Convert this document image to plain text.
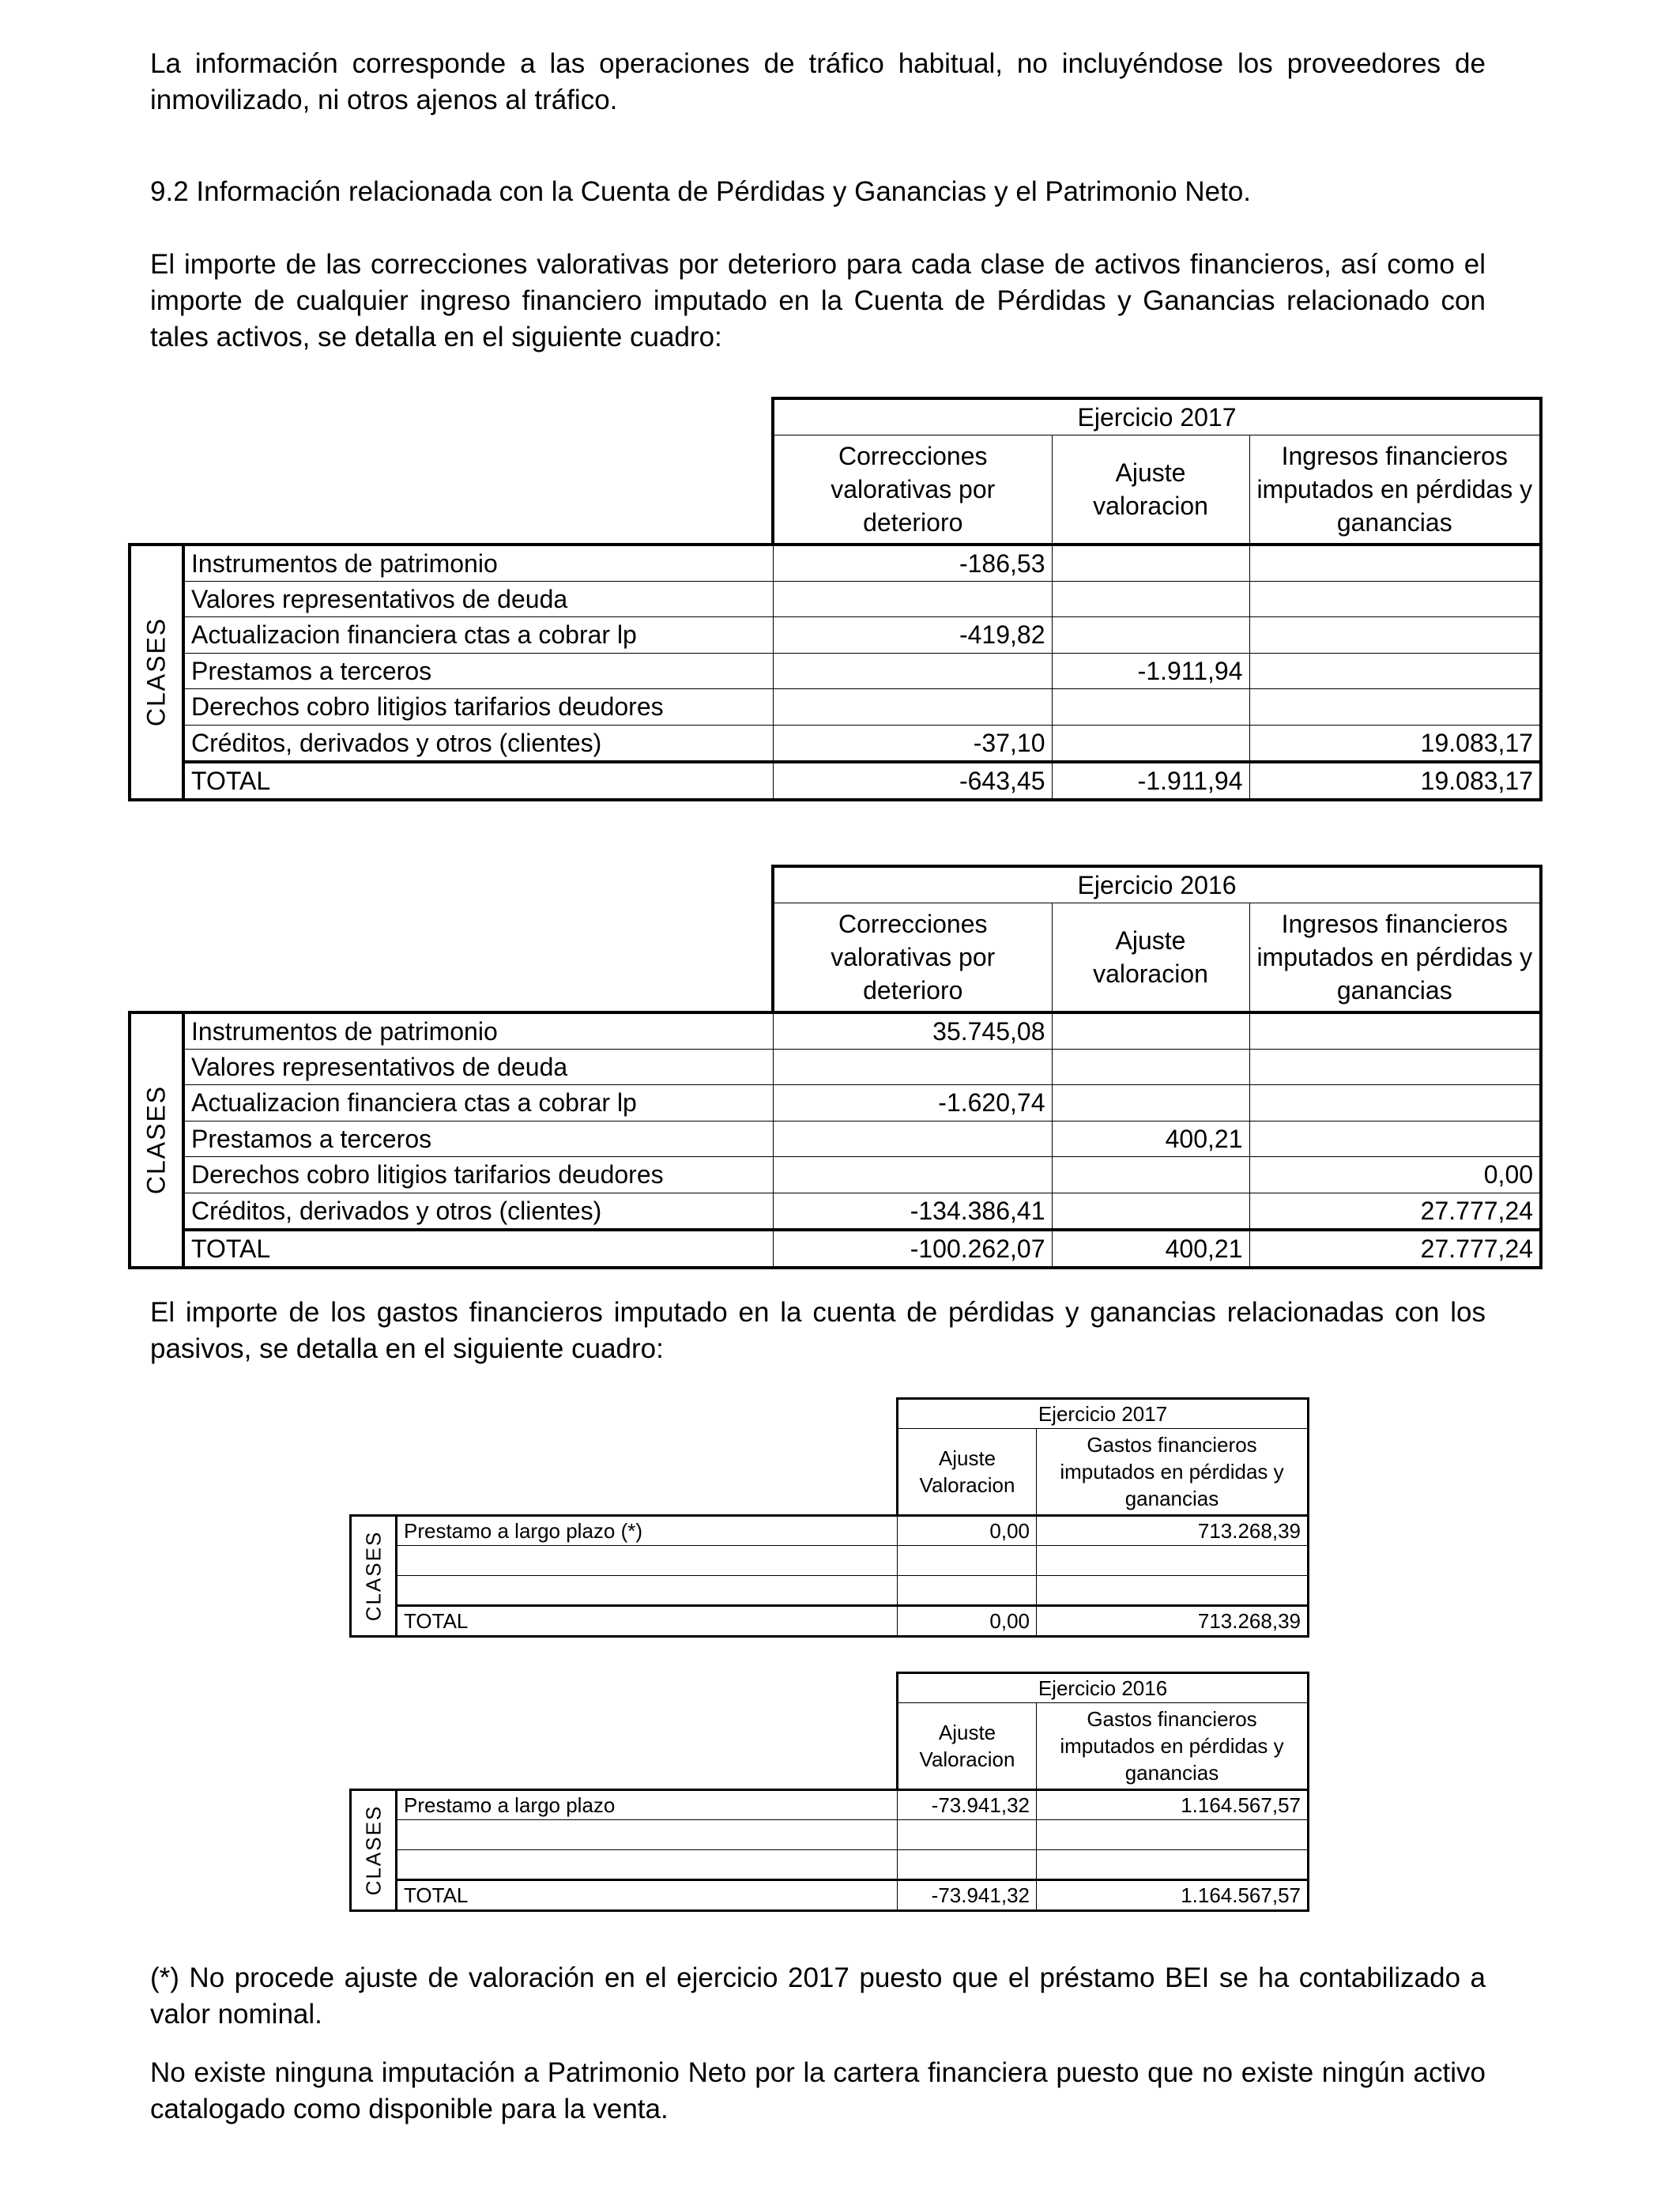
La información corresponde a las operaciones de tráfico habitual, no incluyéndose los proveedores de inmovilizado, ni otros ajenos al tráfico.

9.2 Información relacionada con la Cuenta de Pérdidas y Ganancias y el Patrimonio Neto.

El importe de las correcciones valorativas por deterioro para cada clase de activos financieros, así como el importe de cualquier ingreso financiero imputado en la Cuenta de Pérdidas y Ganancias relacionado con tales activos, se detalla en el siguiente cuadro:

		Ejercicio 2017		
		Correcciones valorativas por deterioro	Ajuste valoracion	Ingresos financieros imputados en pérdidas y ganancias

CLASES	Instrumentos de patrimonio	-186,53		
	Valores representativos de deuda			
	Actualizacion financiera ctas a cobrar lp	-419,82		
	Prestamos a terceros		-1.911,94	
	Derechos cobro litigios tarifarios deudores			
	Créditos, derivados y otros (clientes)	-37,10		19.083,17
	TOTAL	-643,45	-1.911,94	19.083,17
		Ejercicio 2016		
		Correcciones valorativas por deterioro	Ajuste valoracion	Ingresos financieros imputados en pérdidas y ganancias

CLASES	Instrumentos de patrimonio	35.745,08		
	Valores representativos de deuda			
	Actualizacion financiera ctas a cobrar lp	-1.620,74		
	Prestamos a terceros		400,21	
	Derechos cobro litigios tarifarios deudores			0,00
	Créditos, derivados y otros (clientes)	-134.386,41		27.777,24
	TOTAL	-100.262,07	400,21	27.777,24

El importe de los gastos financieros imputado en la cuenta de pérdidas y ganancias relacionadas con los pasivos, se detalla en el siguiente cuadro:

		Ejercicio 2017	
		Ajuste Valoracion	Gastos financieros imputados en pérdidas y ganancias

CLASES	Prestamo a largo plazo (*)	0,00	713.268,39

	TOTAL	0,00	713.268,39
		Ejercicio 2016	
		Ajuste Valoracion	Gastos financieros imputados en pérdidas y ganancias

CLASES	Prestamo a largo plazo	-73.941,32	1.164.567,57

	TOTAL	-73.941,32	1.164.567,57

(*) No procede ajuste de valoración en el ejercicio 2017 puesto que el préstamo BEI se ha contabilizado a valor nominal.

No existe ninguna imputación a Patrimonio Neto por la cartera financiera puesto que no existe ningún activo catalogado como disponible para la venta.
